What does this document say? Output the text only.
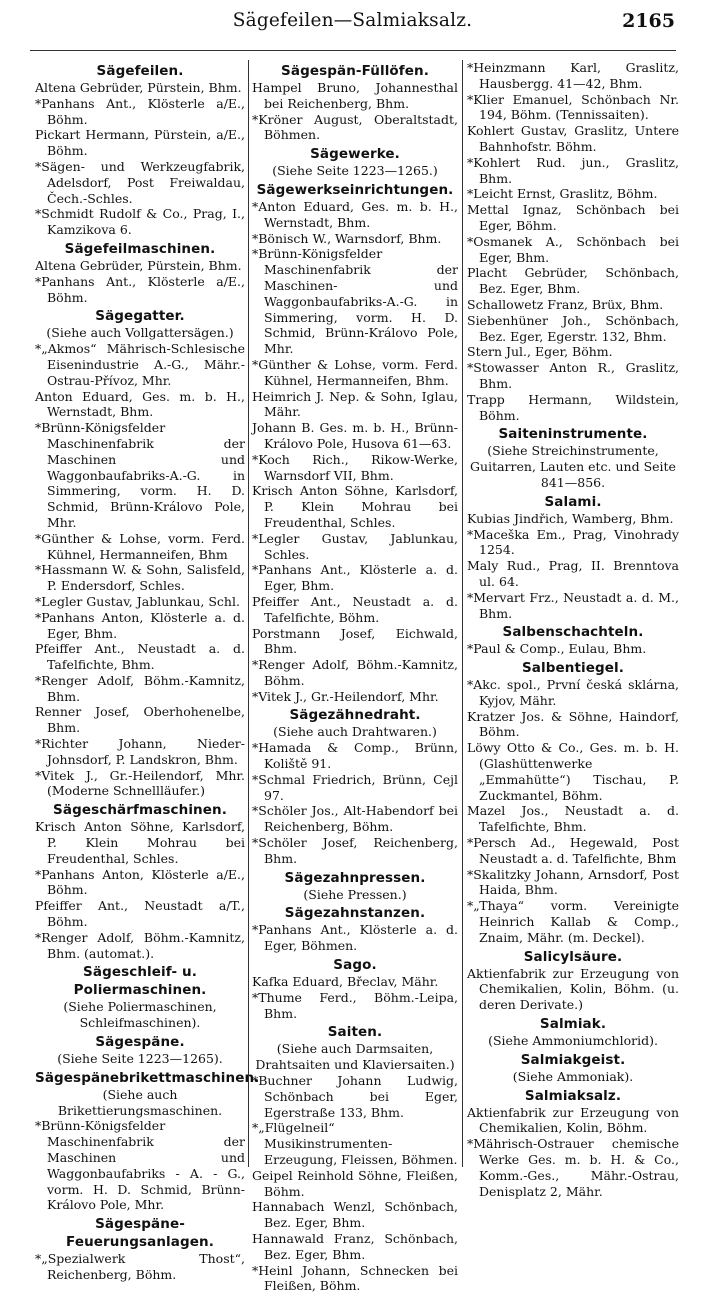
Sägefeilen—Salmiaksalz.	2165
Sägefeilen.
Altena Gebrüder, Pürstein, Bhm.
*Panhans Ant., Klösterle a/E., Böhm.
Pickart Hermann, Pürstein, a/E., Böhm.
*Sägen- und Werkzeugfabrik, Adelsdorf, Post Freiwaldau, Čech.-Schles.
*Schmidt Rudolf & Co., Prag, I., Kamzikova 6.
Sägefeilmaschinen.
Altena Gebrüder, Pürstein, Bhm.
*Panhans Ant., Klösterle a/E., Böhm.
Sägegatter.
(Siehe auch Vollgattersägen.)
*„Akmos“ Mährisch-Schlesische Eisenindustrie A.-G., Mähr.-Ostrau-Přívoz, Mhr.
Anton Eduard, Ges. m. b. H., Wernstadt, Bhm.
*Brünn-Königsfelder Maschinenfabrik der Maschinen und Waggonbaufabriks-A.-G. in Simmering, vorm. H. D. Schmid, Brünn-Královo Pole, Mhr.
*Günther & Lohse, vorm. Ferd. Kühnel, Hermanneifen, Bhm
*Hassmann W. & Sohn, Salisfeld, P. Endersdorf, Schles.
*Legler Gustav, Jablunkau, Schl.
*Panhans Anton, Klösterle a. d. Eger, Bhm.
Pfeiffer Ant., Neustadt a. d. Tafelfichte, Bhm.
*Renger Adolf, Böhm.-Kamnitz, Bhm.
Renner Josef, Oberhohenelbe, Bhm.
*Richter Johann, Nieder-Johnsdorf, P. Landskron, Bhm.
*Vitek J., Gr.-Heilendorf, Mhr. (Moderne Schnellläufer.)
Sägeschärfmaschinen.
Krisch Anton Söhne, Karlsdorf, P. Klein Mohrau bei Freudenthal, Schles.
*Panhans Anton, Klösterle a/E., Böhm.
Pfeiffer Ant., Neustadt a/T., Böhm.
*Renger Adolf, Böhm.-Kamnitz, Bhm. (automat.).
Sägeschleif- u. Poliermaschinen.
(Siehe Poliermaschinen, Schleifmaschinen).
Sägespäne.
(Siehe Seite 1223—1265).
Sägespänebrikettmaschinen.
(Siehe auch Brikettierungsmaschinen.
*Brünn-Königsfelder Maschinenfabrik der Maschinen und Waggonbaufabriks - A. - G., vorm. H. D. Schmid, Brünn-Královo Pole, Mhr.
Sägespäne-Feuerungsanlagen.
*„Spezialwerk Thost“, Reichenberg, Böhm.
Sägespän-Füllöfen.
Hampel Bruno, Johannesthal bei Reichenberg, Bhm.
*Kröner August, Oberaltstadt, Böhmen.
Sägewerke.
(Siehe Seite 1223—1265.)
Sägewerkseinrichtungen.
*Anton Eduard, Ges. m. b. H., Wernstadt, Bhm.
*Bönisch W., Warnsdorf, Bhm.
*Brünn-Königsfelder Maschinenfabrik der Maschinen- und Waggonbaufabriks-A.-G. in Simmering, vorm. H. D. Schmid, Brünn-Královo Pole, Mhr.
*Günther & Lohse, vorm. Ferd. Kühnel, Hermanneifen, Bhm.
Heimrich J. Nep. & Sohn, Iglau, Mähr.
Johann B. Ges. m. b. H., Brünn-Královo Pole, Husova 61—63.
*Koch Rich., Rikow-Werke, Warnsdorf VII, Bhm.
Krisch Anton Söhne, Karlsdorf, P. Klein Mohrau bei Freudenthal, Schles.
*Legler Gustav, Jablunkau, Schles.
*Panhans Ant., Klösterle a. d. Eger, Bhm.
Pfeiffer Ant., Neustadt a. d. Tafelfichte, Böhm.
Porstmann Josef, Eichwald, Bhm.
*Renger Adolf, Böhm.-Kamnitz, Böhm.
*Vitek J., Gr.-Heilendorf, Mhr.
Sägezähnedraht.
(Siehe auch Drahtwaren.)
*Hamada & Comp., Brünn, Koliště 91.
*Schmal Friedrich, Brünn, Cejl 97.
*Schöler Jos., Alt-Habendorf bei Reichenberg, Böhm.
*Schöler Josef, Reichenberg, Bhm.
Sägezahnpressen.
(Siehe Pressen.)
Sägezahnstanzen.
*Panhans Ant., Klösterle a. d. Eger, Böhmen.
Sago.
Kafka Eduard, Břeclav, Mähr.
*Thume Ferd., Böhm.-Leipa, Bhm.
Saiten.
(Siehe auch Darmsaiten, Drahtsaiten und Klaviersaiten.)
*Buchner Johann Ludwig, Schönbach bei Eger, Egerstraße 133, Bhm.
*„Flügelneil“ Musikinstrumenten-Erzeugung, Fleissen, Böhmen.
Geipel Reinhold Söhne, Fleißen, Böhm.
Hannabach Wenzl, Schönbach, Bez. Eger, Bhm.
Hannawald Franz, Schönbach, Bez. Eger, Bhm.
*Heinl Johann, Schnecken bei Fleißen, Böhm.
*Heinzmann Karl, Graslitz, Hausbergg. 41—42, Bhm.
*Klier Emanuel, Schönbach Nr. 194, Böhm. (Tennissaiten).
Kohlert Gustav, Graslitz, Untere Bahnhofstr. Böhm.
*Kohlert Rud. jun., Graslitz, Bhm.
*Leicht Ernst, Graslitz, Böhm.
Mettal Ignaz, Schönbach bei Eger, Böhm.
*Osmanek A., Schönbach bei Eger, Bhm.
Placht Gebrüder, Schönbach, Bez. Eger, Bhm.
Schallowetz Franz, Brüx, Bhm.
Siebenhüner Joh., Schönbach, Bez. Eger, Egerstr. 132, Bhm.
Stern Jul., Eger, Böhm.
*Stowasser Anton R., Graslitz, Bhm.
Trapp Hermann, Wildstein, Böhm.
Saiteninstrumente.
(Siehe Streichinstrumente, Guitarren, Lauten etc. und Seite 841—856.
Salami.
Kubias Jindřich, Wamberg, Bhm.
*Maceška Em., Prag, Vinohrady 1254.
Maly Rud., Prag, II. Brenntova ul. 64.
*Mervart Frz., Neustadt a. d. M., Bhm.
Salbenschachteln.
*Paul & Comp., Eulau, Bhm.
Salbentiegel.
*Akc. spol., První česká sklárna, Kyjov, Mähr.
Kratzer Jos. & Söhne, Haindorf, Böhm.
Löwy Otto & Co., Ges. m. b. H. (Glashüttenwerke „Emmahütte“) Tischau, P. Zuckmantel, Böhm.
Mazel Jos., Neustadt a. d. Tafelfichte, Bhm.
*Persch Ad., Hegewald, Post Neustadt a. d. Tafelfichte, Bhm
*Skalitzky Johann, Arnsdorf, Post Haida, Bhm.
*„Thaya“ vorm. Vereinigte Heinrich Kallab & Comp., Znaim, Mähr. (m. Deckel).
Salicylsäure.
Aktienfabrik zur Erzeugung von Chemikalien, Kolin, Böhm. (u. deren Derivate.)
Salmiak.
(Siehe Ammoniumchlorid).
Salmiakgeist.
(Siehe Ammoniak).
Salmiaksalz.
Aktienfabrik zur Erzeugung von Chemikalien, Kolin, Böhm.
*Mährisch-Ostrauer chemische Werke Ges. m. b. H. & Co., Komm.-Ges., Mähr.-Ostrau, Denisplatz 2, Mähr.
